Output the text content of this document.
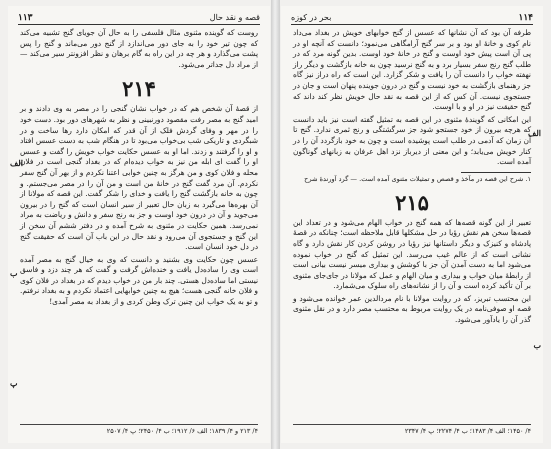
۱۱۳	قصه و نقد حال

روست که گوینده مثنوی مثال فلسفی را به حال آن جویای گنج تشبیه می‌کند که چون تیر خود را به جای دور می‌اندازد از گنج دور می‌ماند و گنج را پس پشت می‌گذارد و هر چه در این راه به گام برهان و نظر افزونتر سیر می‌کند — از مراد دل جداتر می‌شود.

۲۱۴

از قصهٔ آن شخص هم که در خواب نشان گنجی را در مصر به وی دادند و بر امید گنج به مصر رفت مقصود دورنبینی و نظر به شهرهای دور بود. دست خود را در مهر و وفای گردش فلک از آن قدر که امکان دارد رها ساخت و در شبگردی و تاریکی شب بی‌خواب می‌بود تا در هنگام شب به دست عسس افتاد و او را گرفتند و زدند. اما او به عسس حکایت خواب خویش را گفت و عسس او را گفت ای ابله من نیز به خواب دیده‌ام که در بغداد گنجی است در فلان محله و فلان کوی و من هرگز به چنین خوابی اعتنا نکردم و از بهر آن گنج سفر نکردم. آن مرد گفت گنج در خانهٔ من است و من آن را در مصر می‌جستم. و چون به خانه بازگشت گنج را یافت و خدای را شکر گفت. این قصه که مولانا از آن بهره‌ها می‌گیرد به زبان حال تعبیر از سیر انسان است که گنج را در بیرون می‌جوید و آن در درون خود اوست و جز به رنج سفر و دانش و ریاضت به مراد نمی‌رسد. همین حکایت در مثنوی به شرح آمده و در دفتر ششم آن سخن از این گنج و جستجوی آن می‌رود و نقد حال در این باب آن است که حقیقت گنج در دل خود انسان است.

عسس چون حکایت وی بشنید و دانست که وی به خیال گنج به مصر آمده است وی را ساده‌دل یافت و خنده‌اش گرفت و گفت که هر چند دزد و فاسق نیستی اما ساده‌دل هستی. چند بار من در خواب دیدم که در بغداد در فلان کوی و فلان خانه گنجی هست؛ هیچ به چنین خوابهایی اعتماد نکردم و به بغداد نرفتم. و تو به یک خواب این چنین ترک وطن کردی و از بغداد به مصر آمدی!

الف
ب
پ
۴/ ۲۱۳ و ۴/ ۱۸۳۹؛ الف ۶/ ۱۹۱۲؛ ب ۴/ ۲۴۵۰؛ پ ۴/ ۲۵۰۷
۱۱۴
بحر در کوزه

طرفه آن بود که آن نشانها که عسس از گنج خوابهای خویش در بغداد می‌داد نام کوی و خانهٔ او بود و بر سر گنج آرامگاهی می‌نمود؛ دانست که آنچه او در پی آن است پیش خود اوست و گنج در خانهٔ خود اوست. بدین گونه مرد که در طلب گنج رنج سفر بسیار برد و به گنج نرسید چون به خانه بازگشت و دیگر راز نهفته خواب را دانست آن را یافت و شکر گزارد. این است که راه دراز نیز گاه جز رهنمای بازگشت به خود نیست و گنج در درون جوینده پنهان است و جان در جستجوی نیست. آن کس که از این قصه به نقد حال خویش نظر کند داند که گنج حقیقت نیز در او و با اوست.

این امکانی که گویندهٔ مثنوی در این قصه به تمثیل گفته است نیز باید دانست که هرچه بیرون از خود جستجو شود جز سرگشتگی و رنج ثمری ندارد. گنج تا آن زمان که آدمی در طلب است پوشیده است و چون به خود بازگردد آن را در کنار خویش می‌یابد؛ و این معنی از دیرباز نزد اهل عرفان به زبانهای گوناگون آمده است.

۱. شرح این قصه در مآخذ و قصص و تمثیلات مثنوی آمده است. — گرد آورندهٔ شرح

۲۱۵

تعبیر از این گونه قصه‌ها که همه گنج در خواب الهام می‌شود و در تعداد این قصه‌ها سخن هم نقش رؤیا در حل مشکلها قابل ملاحظه است؛ چنانکه در قصهٔ پادشاه و کنیزک و دیگر داستانها نیز رؤیا در روشن کردن کار نقش دارد و گاه نشانی است که از عالم غیب می‌رسد. این تمثیل که گنج در خواب نموده می‌شود اما به دست آمدن آن جز با کوشش و بیداری میسر نیست بیانی است از رابطهٔ میان خواب و بیداری و میان الهام و عمل که مولانا در جای‌جای مثنوی بر آن تأکید کرده است و آن را از نشانه‌های راه سلوک می‌شمارد.

این محتسب تبریز، که در روایت مولانا با نام مردالدین عمر خوانده می‌شود و قصه او صوفی‌نامه در یک روایت مربوط به محتسب مصر دارد و در نقل مثنوی گذر آن را یادآور می‌شود.

الف
ب
۴/ ۱۴۵۰؛ الف ۴/ ۱۴۸۳؛ ب ۴/ ۲۲۷۴؛ پ ۴/ ۲۳۴۷
